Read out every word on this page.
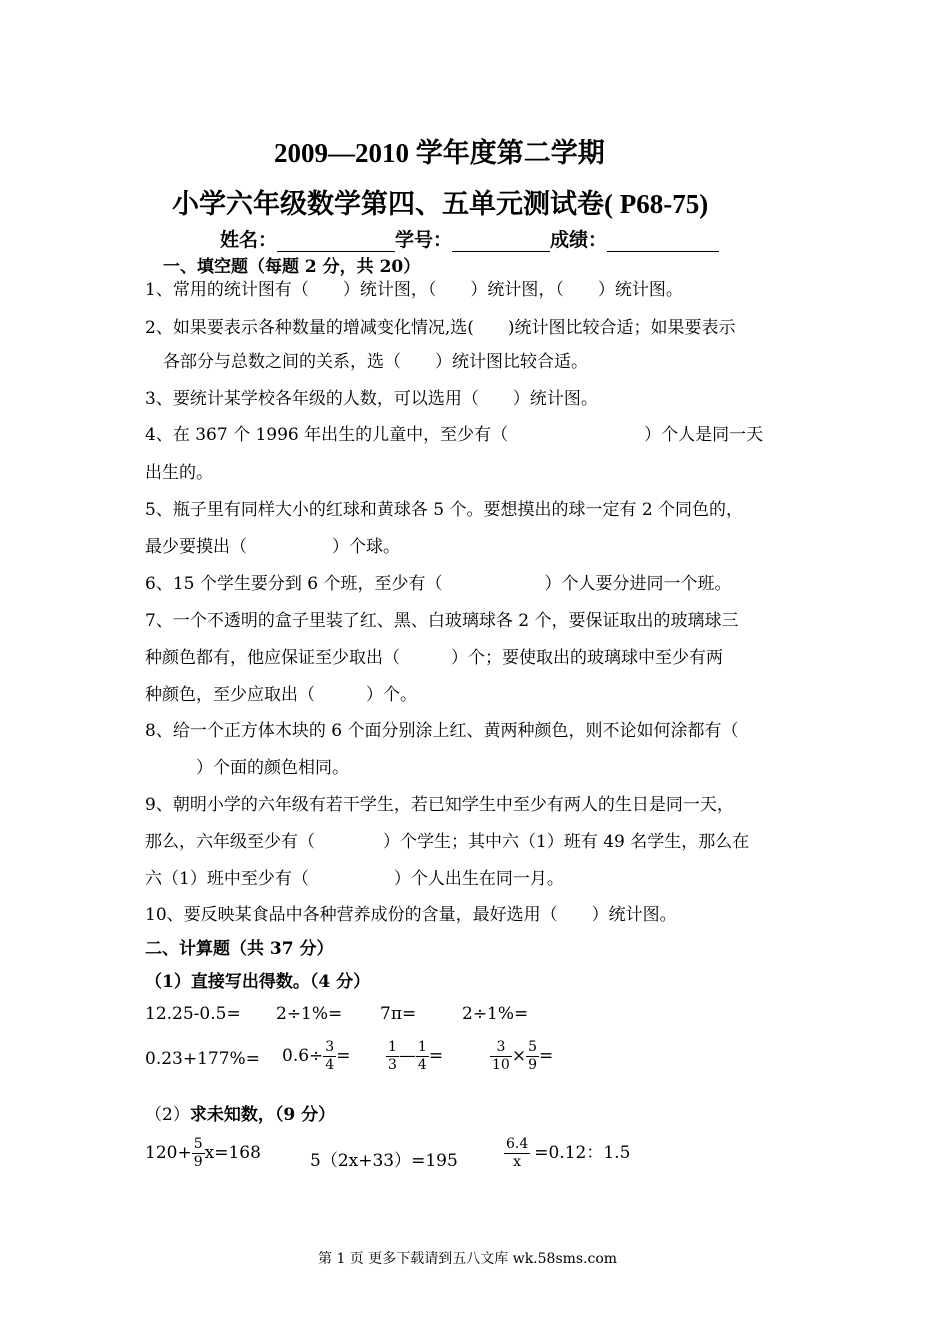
2009—2010 学年度第二学期
小学六年级数学第四、五单元测试卷( P68-75)
姓名：	学号：	成绩：
一、填空题（每题 2 分，共 20）
1、常用的统计图有（　　）统计图，（　　）统计图，（　　）统计图。
2、如果要表示各种数量的增减变化情况,选(　　)统计图比较合适；如果要表示
各部分与总数之间的关系，选（　　）统计图比较合适。
3、要统计某学校各年级的人数，可以选用（　　）统计图。
4、在 367 个 1996 年出生的儿童中，至少有（　　　　　　　　）个人是同一天
出生的。
5、瓶子里有同样大小的红球和黄球各 5 个。要想摸出的球一定有 2 个同色的，
最少要摸出（　　　　　）个球。
6、15 个学生要分到 6 个班，至少有（　　　　　　）个人要分进同一个班。
7、一个不透明的盒子里装了红、黑、白玻璃球各 2 个，要保证取出的玻璃球三
种颜色都有，他应保证至少取出（　　　）个；要使取出的玻璃球中至少有两
种颜色，至少应取出（　　　）个。
8、给一个正方体木块的 6 个面分别涂上红、黄两种颜色，则不论如何涂都有（
　　　）个面的颜色相同。
9、朝明小学的六年级有若干学生，若已知学生中至少有两人的生日是同一天，
那么，六年级至少有（　　　　）个学生；其中六（1）班有 49 名学生，那么在
六（1）班中至少有（　　　　　）个人出生在同一月。
10、要反映某食品中各种营养成份的含量，最好选用（　　）统计图。
二、计算题（共 37 分）
（1）直接写出得数。（4 分）
12.25-0.5= 2÷1%= 7π=	2÷1%=
$0.23+177\%= 0.6\div \frac{3}{4}$ =	$\frac{1}{3}$ — $\frac{1}{4}$ =	$\frac{3}{10} \times \frac{5}{9}$ =
（2）求未知数，（9 分）
$120+ \frac{5}{9} x=168$	5（2x+33）=195	$\frac{6.4}{x} =0.12$：1.5
第 1 页 更多下载请到五八文库 wk.58sms.com
